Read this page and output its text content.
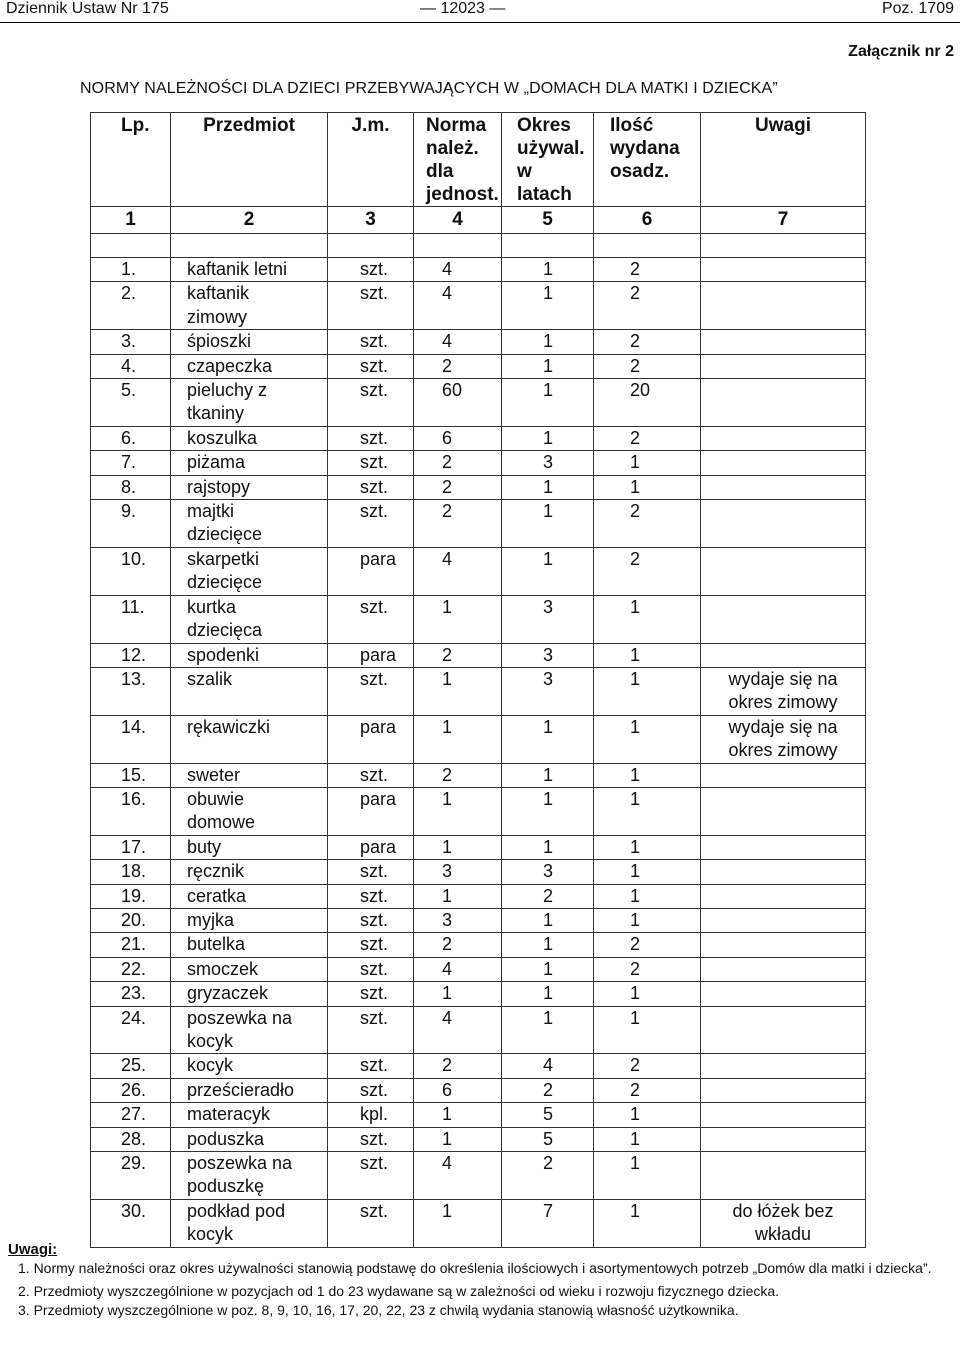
Dziennik Ustaw Nr 175	— 12023 —	Poz. 1709
Załącznik nr 2
NORMY NALEŻNOŚCI DLA DZIECI PRZEBYWAJĄCYCH W „DOMACH DLA MATKI I DZIECKA”
Lp.	Przedmiot	J.m.	Norma
należ.
dla
jednost.	Okres
używal.
w
latach	Ilość
wydana
osadz.	Uwagi
1	2	3	4	5	6	7

1.	kaftanik letni	szt.	4	1	2	
2.	kaftanik
zimowy	szt.	4	1	2	
3.	śpioszki	szt.	4	1	2	
4.	czapeczka	szt.	2	1	2	
5.	pieluchy z
tkaniny	szt.	60	1	20	
6.	koszulka	szt.	6	1	2	
7.	piżama	szt.	2	3	1	
8.	rajstopy	szt.	2	1	1	
9.	majtki
dziecięce	szt.	2	1	2	
10.	skarpetki
dziecięce	para	4	1	2	
11.	kurtka
dziecięca	szt.	1	3	1	
12.	spodenki	para	2	3	1	
13.	szalik	szt.	1	3	1	wydaje się na
okres zimowy
14.	rękawiczki	para	1	1	1	wydaje się na
okres zimowy
15.	sweter	szt.	2	1	1	
16.	obuwie
domowe	para	1	1	1	
17.	buty	para	1	1	1	
18.	ręcznik	szt.	3	3	1	
19.	ceratka	szt.	1	2	1	
20.	myjka	szt.	3	1	1	
21.	butelka	szt.	2	1	2	
22.	smoczek	szt.	4	1	2	
23.	gryzaczek	szt.	1	1	1	
24.	poszewka na
kocyk	szt.	4	1	1	
25.	kocyk	szt.	2	4	2	
26.	prześcieradło	szt.	6	2	2	
27.	materacyk	kpl.	1	5	1	
28.	poduszka	szt.	1	5	1	
29.	poszewka na
poduszkę	szt.	4	2	1	
30.	podkład pod
kocyk	szt.	1	7	1	do łóżek bez
wkładu
Uwagi:

1. Normy należności oraz okres używalności stanowią podstawę do określenia ilościowych i asortymentowych potrzeb „Domów dla matki i dziecka”.

2. Przedmioty wyszczególnione w pozycjach od 1 do 23 wydawane są w zależności od wieku i rozwoju fizycznego dziecka.

3. Przedmioty wyszczególnione w poz. 8, 9, 10, 16, 17, 20, 22, 23 z chwilą wydania stanowią własność użytkownika.
